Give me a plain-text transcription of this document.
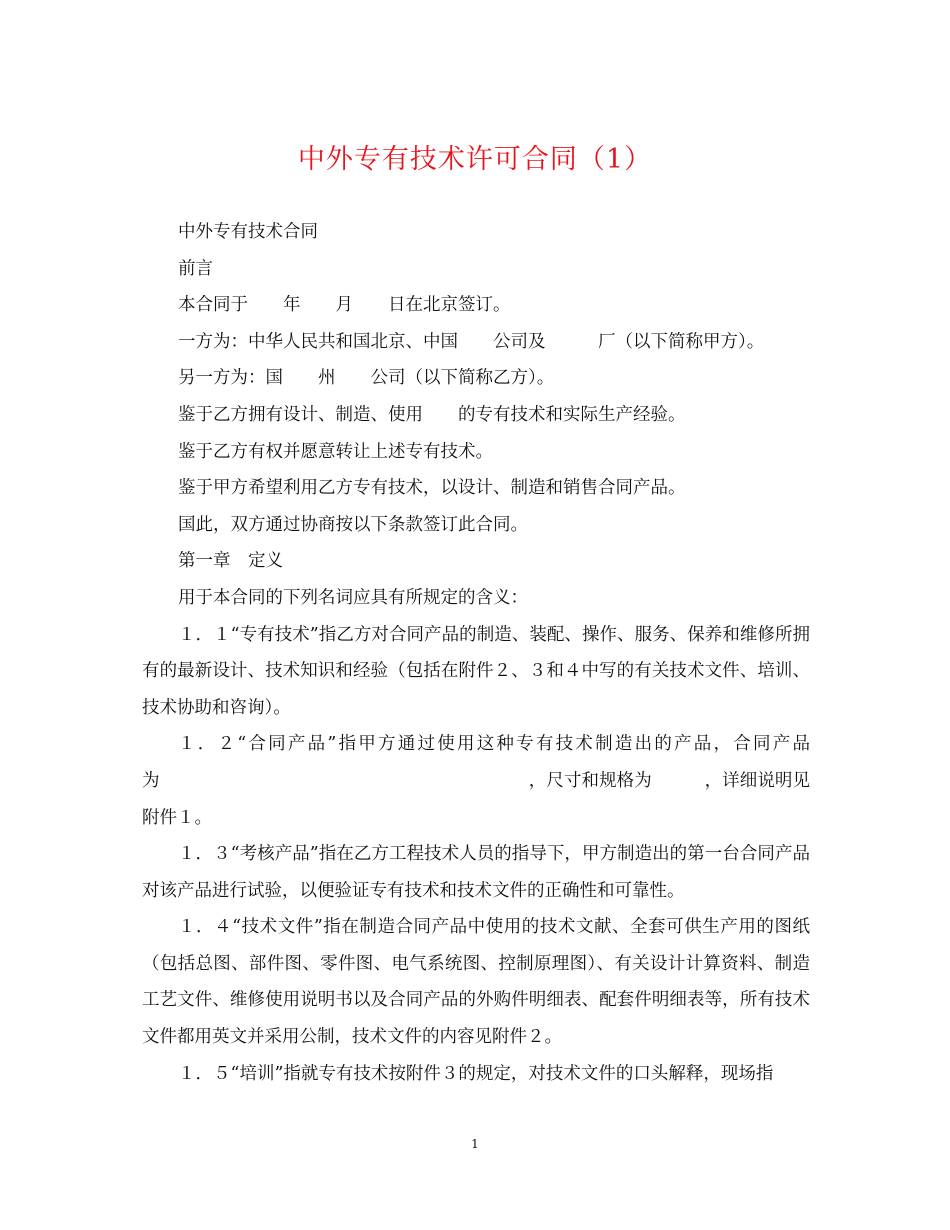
中外专有技术许可合同（1）

中外专有技术合同

前言

本合同于　　年　　月　　日在北京签订。

一方为：中华人民共和国北京、中国　　公司及　　　厂（以下简称甲方）。

另一方为：国　　州　　公司（以下简称乙方）。

鉴于乙方拥有设计、制造、使用　　的专有技术和实际生产经验。

鉴于乙方有权并愿意转让上述专有技术。

鉴于甲方希望利用乙方专有技术，以设计、制造和销售合同产品。

国此，双方通过协商按以下条款签订此合同。

第一章　定义

用于本合同的下列名词应具有所规定的含义：

１．１“专有技术”指乙方对合同产品的制造、装配、操作、服务、保养和维修所拥有的最新设计、技术知识和经验（包括在附件２、３和４中写的有关技术文件、培训、技术协助和咨询）。

１．２“合同产品”指甲方通过使用这种专有技术制造出的产品，合同产品为　　　　　　　　　　　　　　　　　　　　　，尺寸和规格为　　　，详细说明见附件１。

１．３“考核产品”指在乙方工程技术人员的指导下，甲方制造出的第一台合同产品对该产品进行试验，以便验证专有技术和技术文件的正确性和可靠性。

１．４“技术文件”指在制造合同产品中使用的技术文献、全套可供生产用的图纸（包括总图、部件图、零件图、电气系统图、控制原理图）、有关设计计算资料、制造工艺文件、维修使用说明书以及合同产品的外购件明细表、配套件明细表等，所有技术文件都用英文并采用公制，技术文件的内容见附件２。

１．５“培训”指就专有技术按附件３的规定，对技术文件的口头解释，现场指

1
